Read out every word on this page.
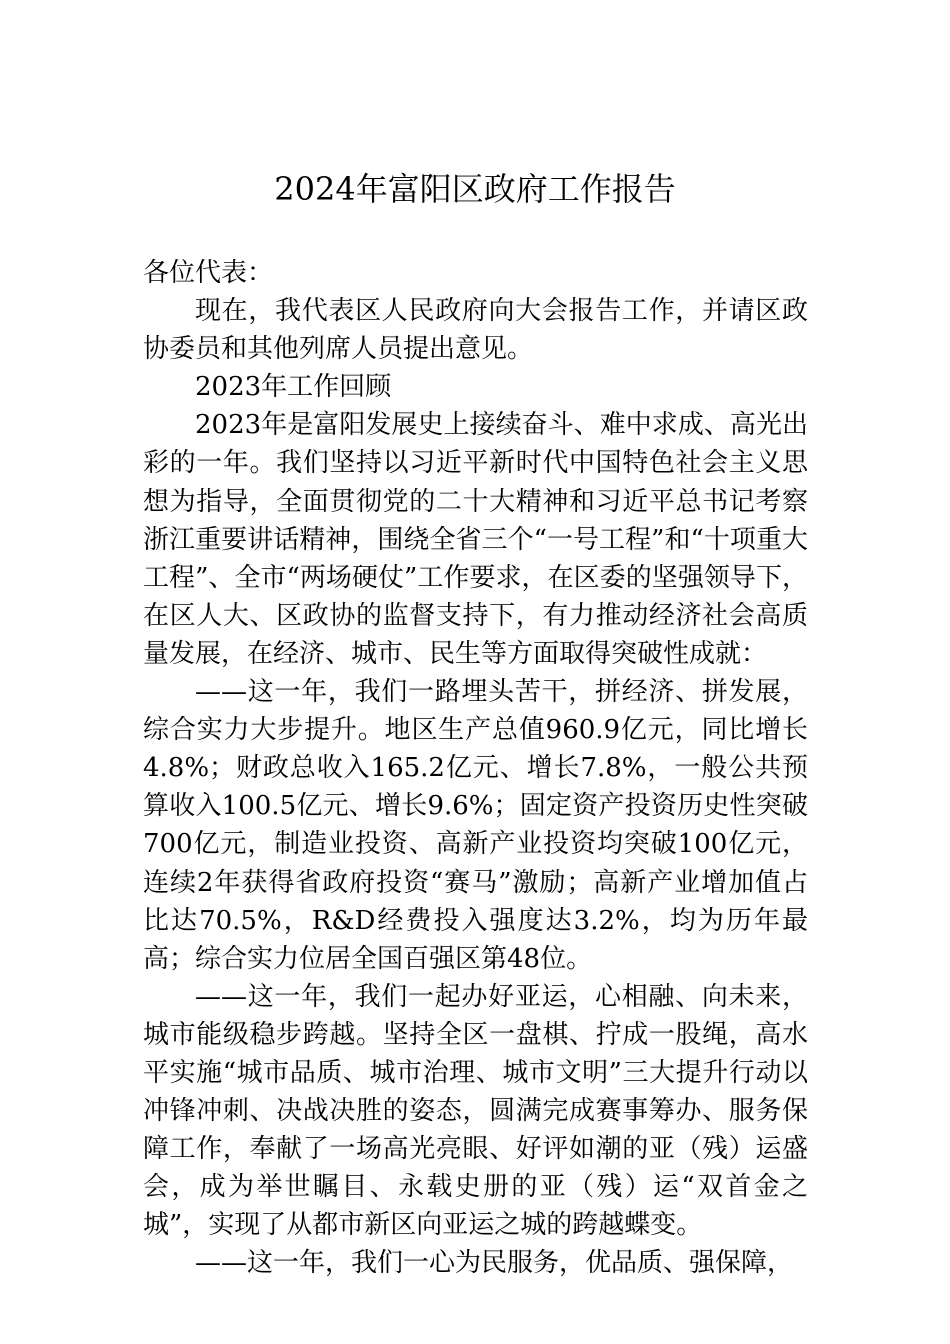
2024年富阳区政府工作报告

各位代表：

现在，我代表区人民政府向大会报告工作，并请区政协委员和其他列席人员提出意见。

2023年工作回顾

2023年是富阳发展史上接续奋斗、难中求成、高光出彩的一年。我们坚持以习近平新时代中国特色社会主义思想为指导，全面贯彻党的二十大精神和习近平总书记考察浙江重要讲话精神，围绕全省三个“一号工程”和“十项重大工程”、全市“两场硬仗”工作要求，在区委的坚强领导下，在区人大、区政协的监督支持下，有力推动经济社会高质量发展，在经济、城市、民生等方面取得突破性成就：

——这一年，我们一路埋头苦干，拼经济、拼发展，综合实力大步提升。地区生产总值960.9亿元，同比增长4.8%；财政总收入165.2亿元、增长7.8%，一般公共预算收入100.5亿元、增长9.6%；固定资产投资历史性突破700亿元，制造业投资、高新产业投资均突破100亿元，连续2年获得省政府投资“赛马”激励；高新产业增加值占比达70.5%，R&D经费投入强度达3.2%，均为历年最高；综合实力位居全国百强区第48位。

——这一年，我们一起办好亚运，心相融、向未来，城市能级稳步跨越。坚持全区一盘棋、拧成一股绳，高水平实施“城市品质、城市治理、城市文明”三大提升行动以冲锋冲刺、决战决胜的姿态，圆满完成赛事筹办、服务保障工作，奉献了一场高光亮眼、好评如潮的亚（残）运盛会，成为举世瞩目、永载史册的亚（残）运“双首金之城”，实现了从都市新区向亚运之城的跨越蝶变。

——这一年，我们一心为民服务，优品质、强保障，
